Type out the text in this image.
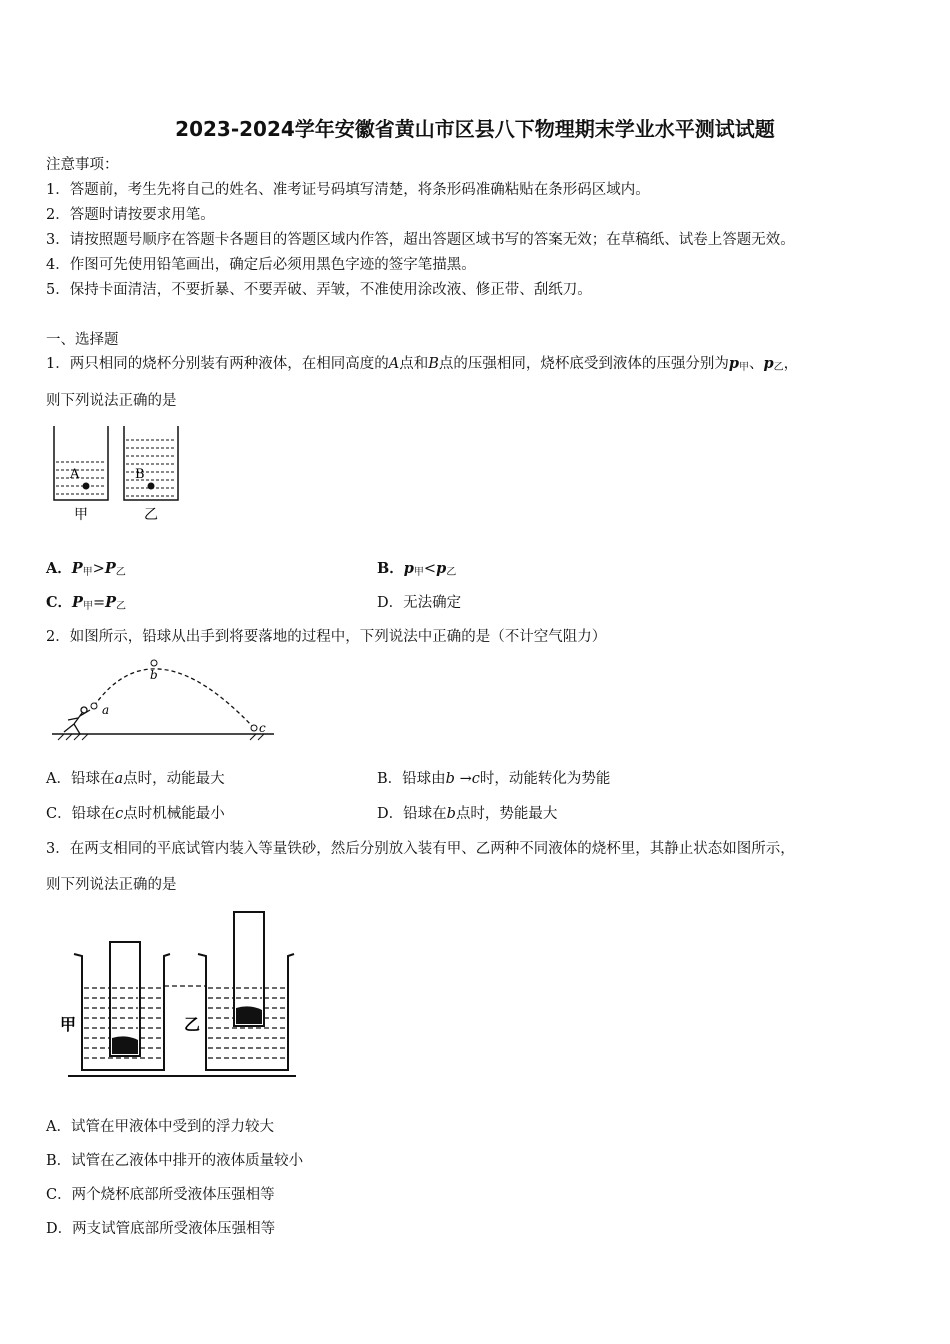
2023-2024学年安徽省黄山市区县八下物理期末学业水平测试试题
注意事项：
1．答题前，考生先将自己的姓名、准考证号码填写清楚，将条形码准确粘贴在条形码区域内。
2．答题时请按要求用笔。
3．请按照题号顺序在答题卡各题目的答题区域内作答，超出答题区域书写的答案无效；在草稿纸、试卷上答题无效。
4．作图可先使用铅笔画出，确定后必须用黑色字迹的签字笔描黑。
5．保持卡面清洁，不要折暴、不要弄破、弄皱，不准使用涂改液、修正带、刮纸刀。
一、选择题
1．两只相同的烧杯分别装有两种液体，在相同高度的A点和B点的压强相同，烧杯底受到液体的压强分别为$p_甲$、$p_乙$，
则下列说法正确的是
A	B
甲	乙
A．$P_甲>P_乙$	B．$p_甲<p_乙$
C．$P_甲=P_乙$	D．无法确定
2．如图所示，铅球从出手到将要落地的过程中，下列说法中正确的是（不计空气阻力）
a
b
c
A．铅球在a点时，动能最大	B．铅球由b →c时，动能转化为势能
C．铅球在c点时机械能最小	D．铅球在b点时，势能最大
3．在两支相同的平底试管内装入等量铁砂，然后分别放入装有甲、乙两种不同液体的烧杯里，其静止状态如图所示，
则下列说法正确的是
甲	乙
A．试管在甲液体中受到的浮力较大
B．试管在乙液体中排开的液体质量较小
C．两个烧杯底部所受液体压强相等
D．两支试管底部所受液体压强相等
